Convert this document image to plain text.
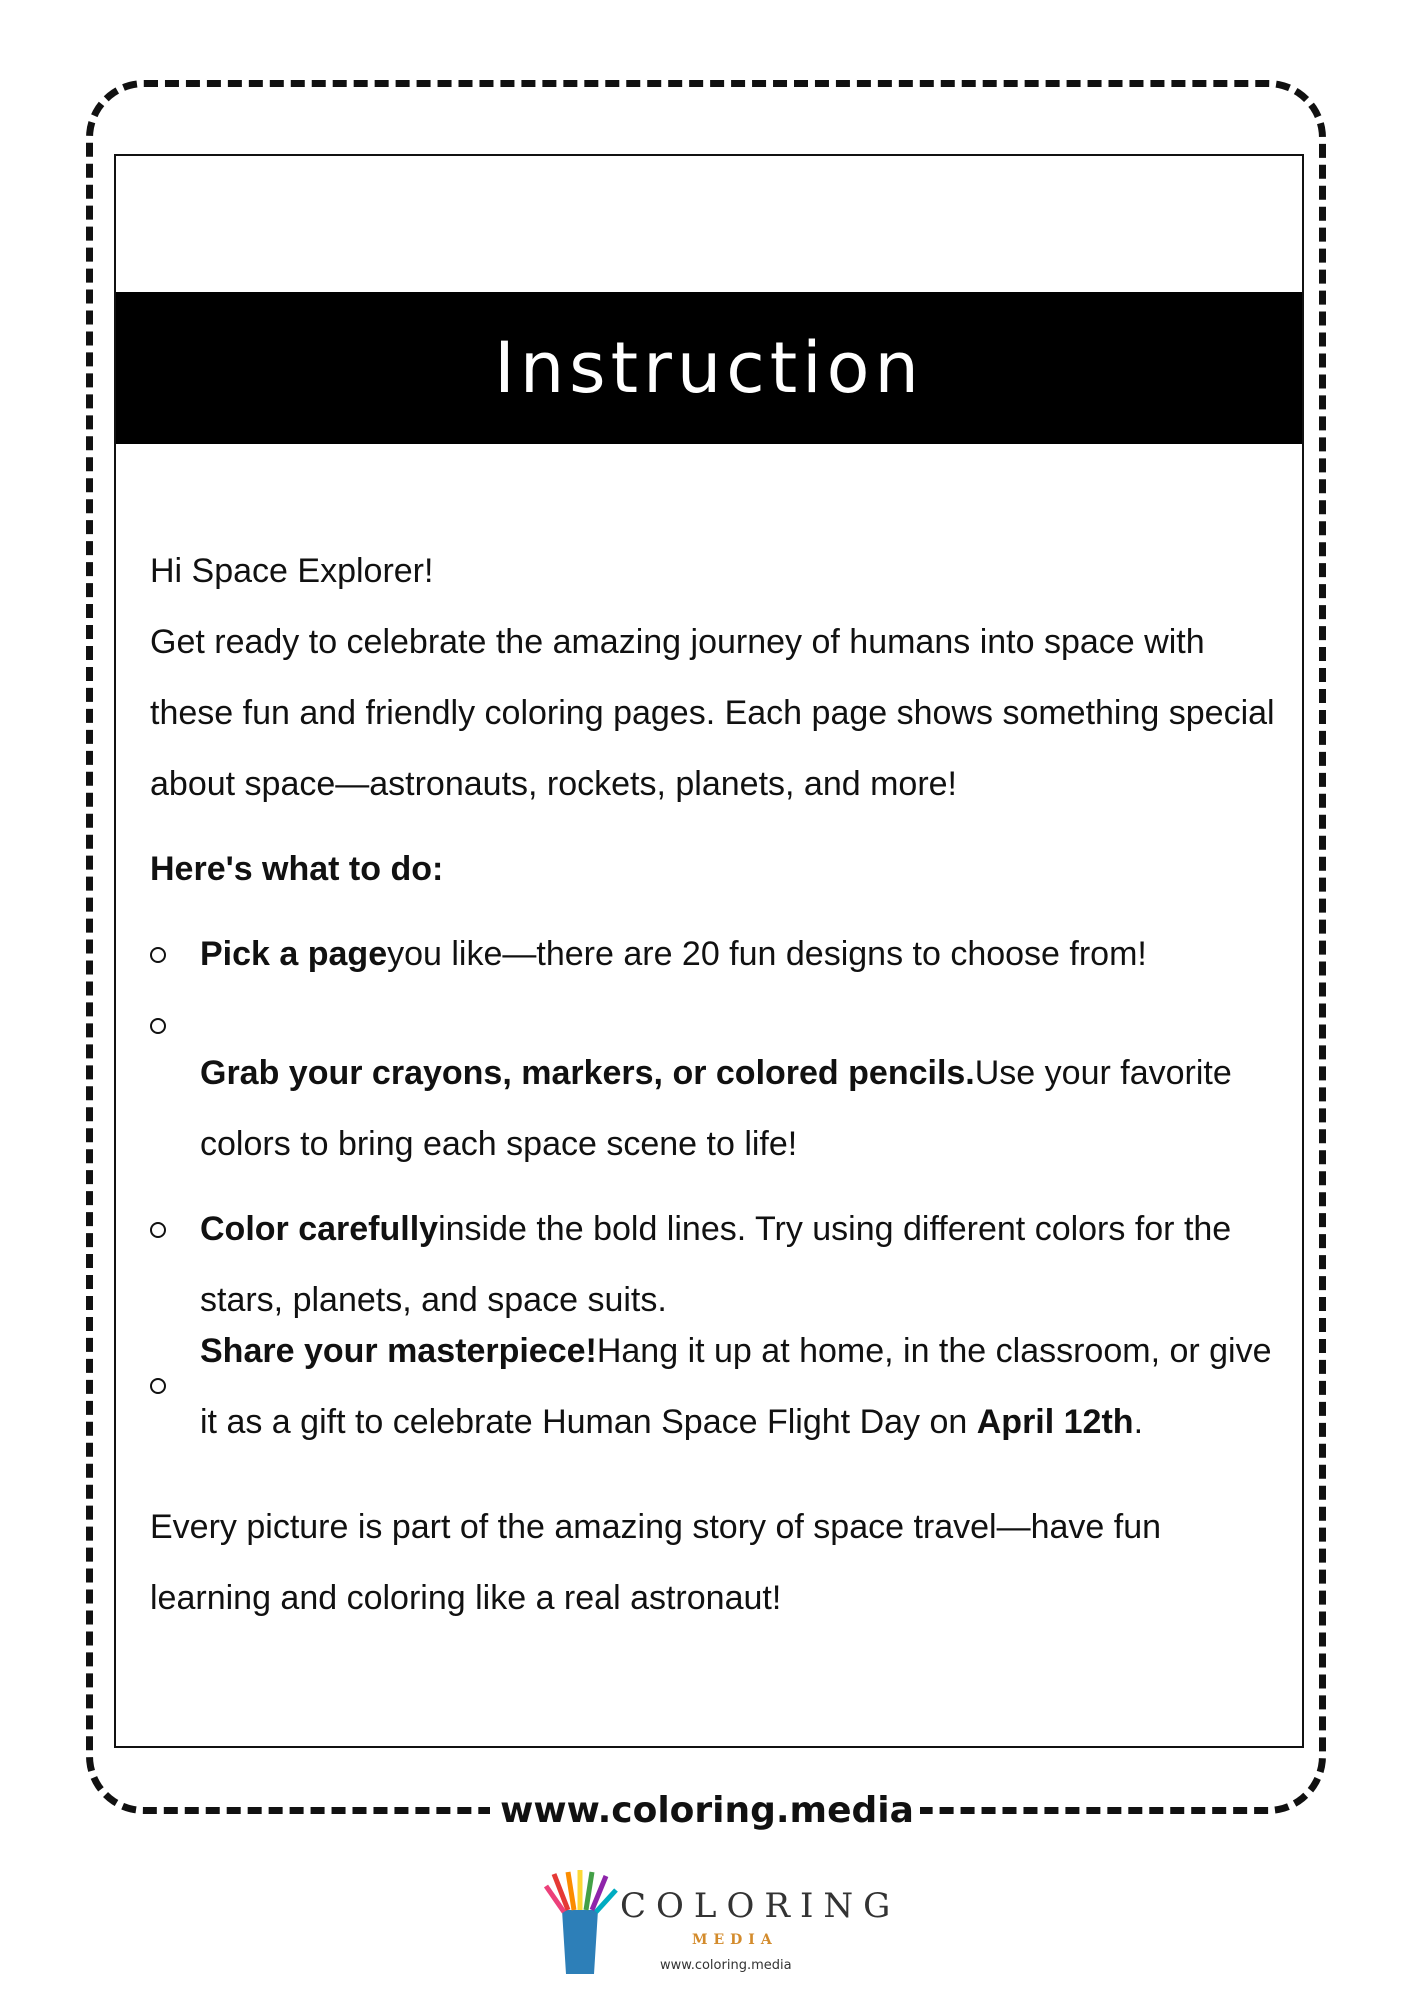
Instruction

Hi Space Explorer!

Get ready to celebrate the amazing journey of humans into space with these fun and friendly coloring pages. Each page shows something special about space—astronauts, rockets, planets, and more!

Here's what to do:

Pick a pageyou like—there are 20 fun designs to choose from!
Grab your crayons, markers, or colored pencils.Use your favorite colors to bring each space scene to life!
Color carefullyinside the bold lines. Try using different colors for the stars, planets, and space suits.
Share your masterpiece!Hang it up at home, in the classroom, or give it as a gift to celebrate Human Space Flight Day on April 12th.

Every picture is part of the amazing story of space travel—have fun learning and coloring like a real astronaut!

www.coloring.media
COLORING
MEDIA
www.coloring.media
